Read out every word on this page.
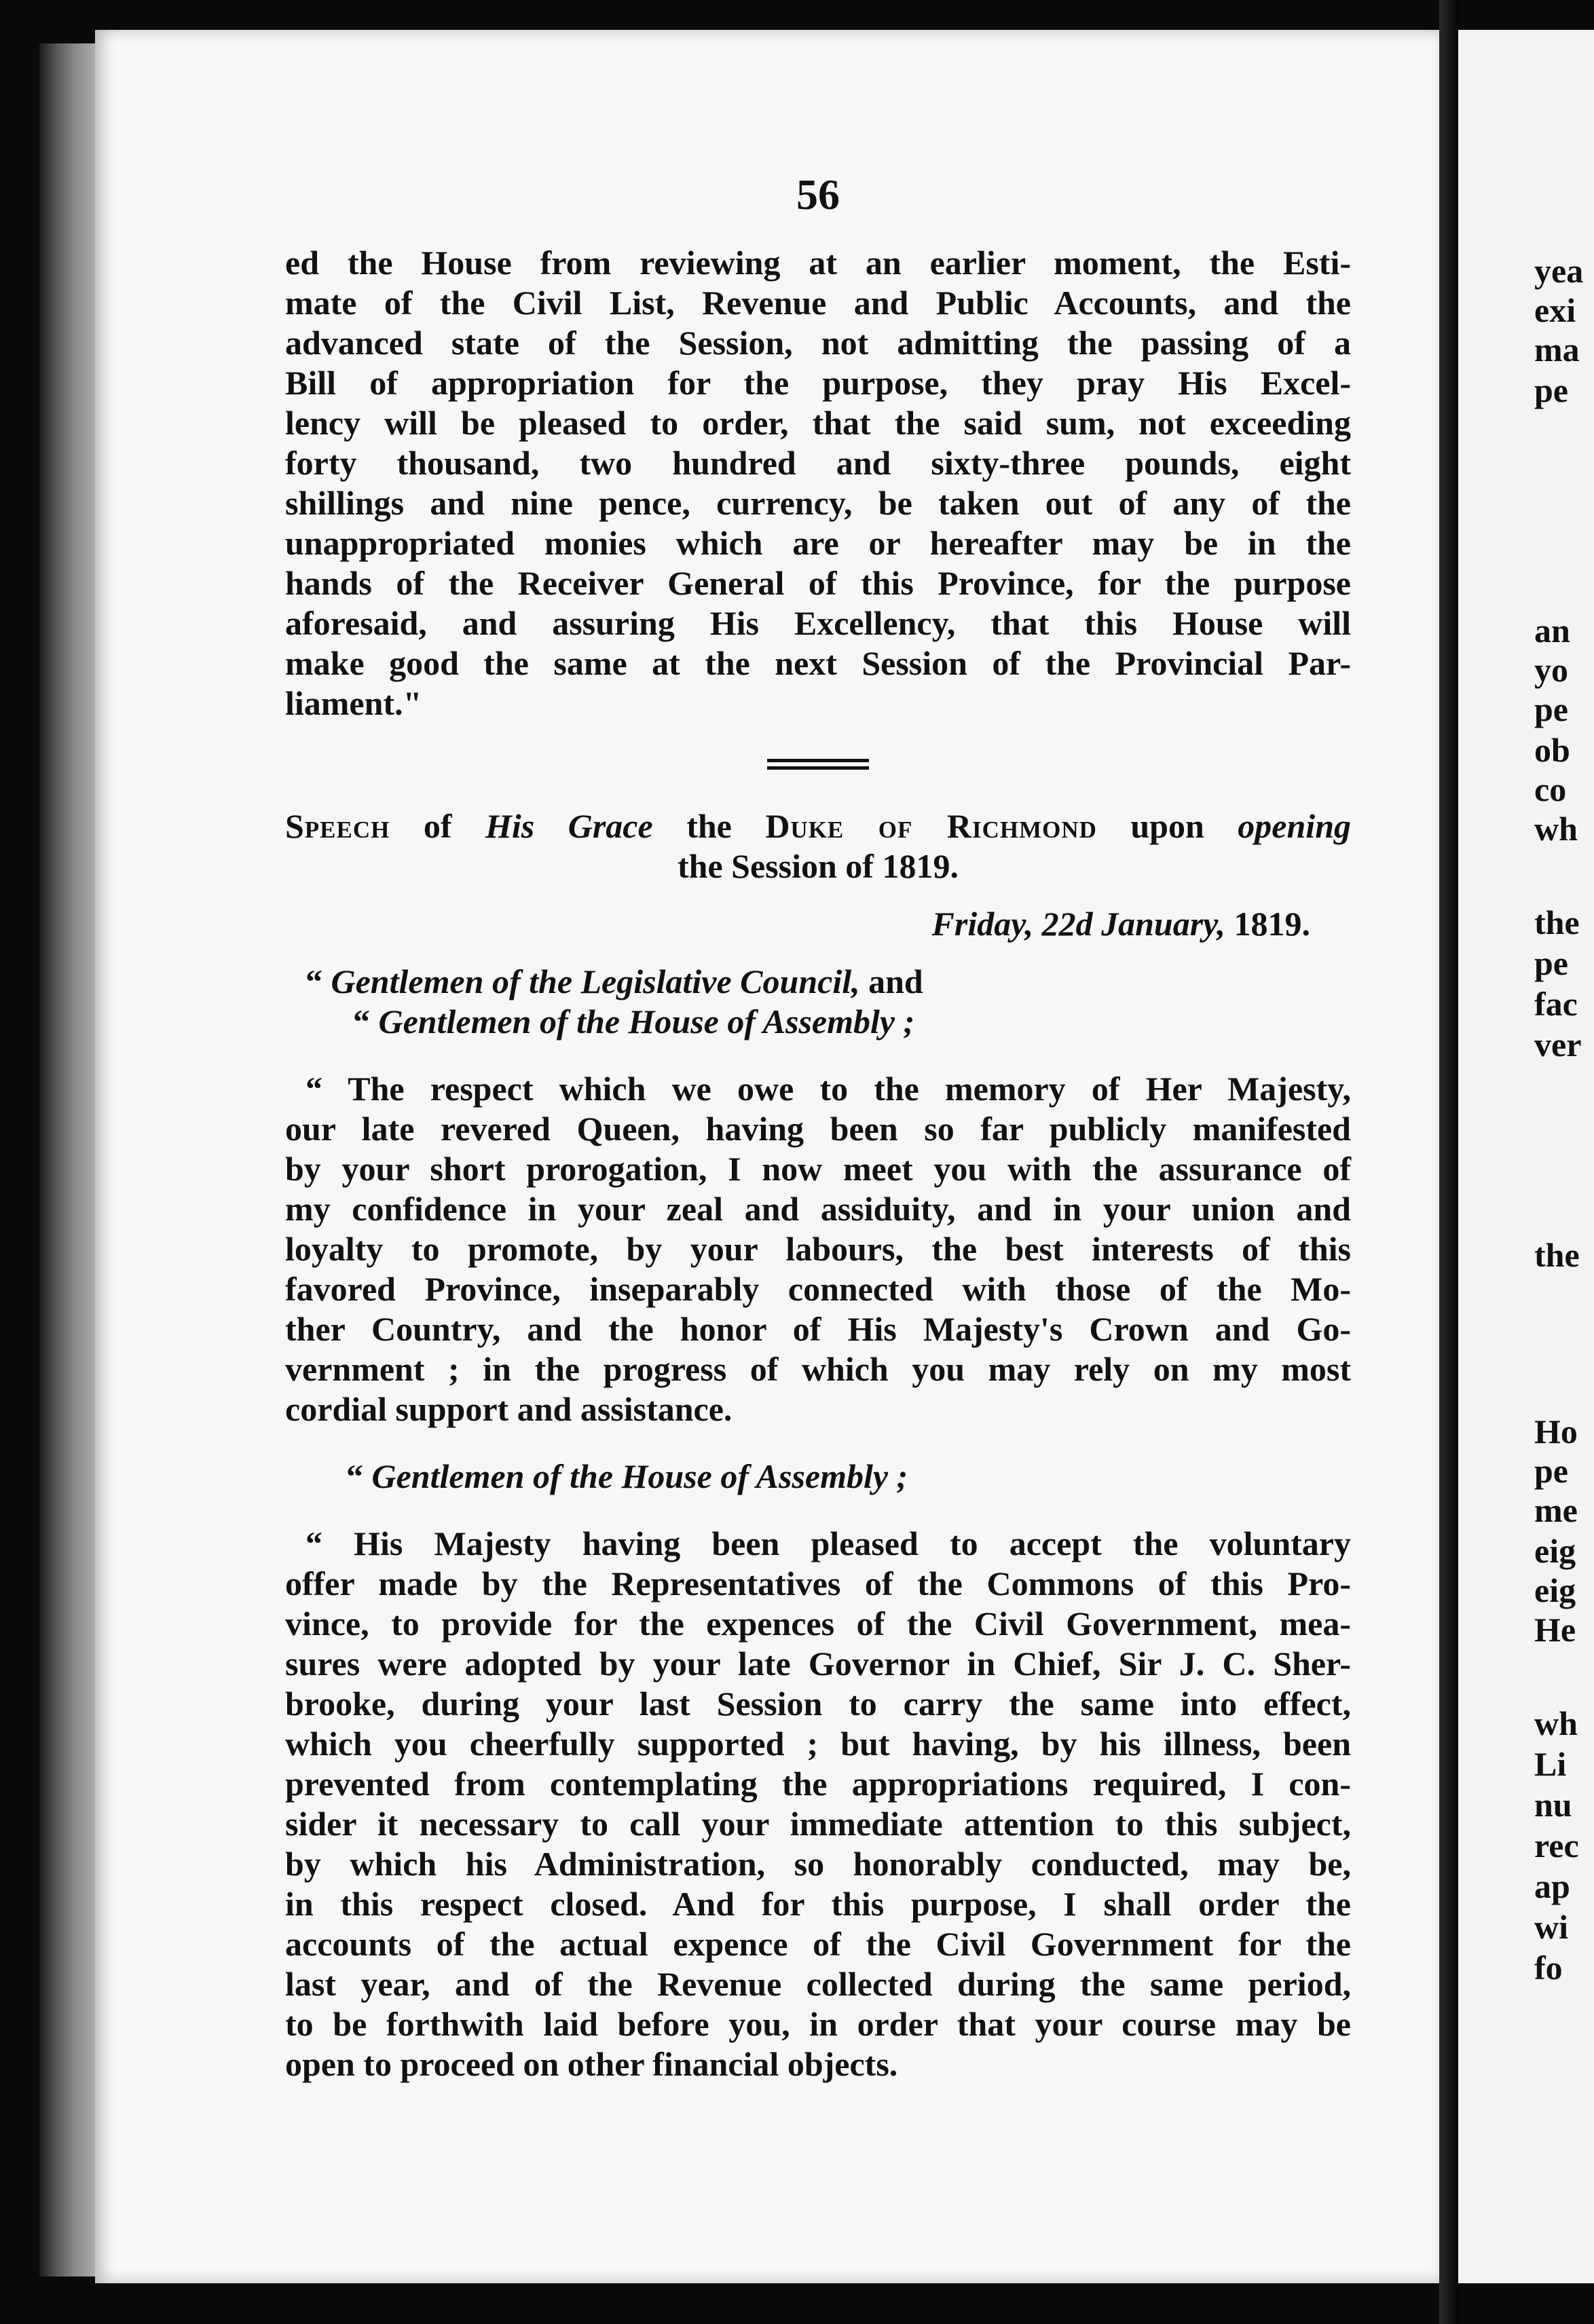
yea
exi
ma
pe
an
yo
pe
ob
co
wh
the
pe
fac
ver
the
Ho
pe
me
eig
eig
He
wh
Li
nu
rec
ap
wi
fo
56
ed the House from reviewing at an earlier moment, the Esti-
mate of the Civil List, Revenue and Public Accounts, and the
advanced state of the Session, not admitting the passing of a
Bill of appropriation for the purpose, they pray His Excel-
lency will be pleased to order, that the said sum, not exceeding
forty thousand, two hundred and sixty-three pounds, eight
shillings and nine pence, currency, be taken out of any of the
unappropriated monies which are or hereafter may be in the
hands of the Receiver General of this Province, for the purpose
aforesaid, and assuring His Excellency, that this House will
make good the same at the next Session of the Provincial Par-
liament."
Speech of His Grace the Duke of Richmond upon opening
the Session of 1819.
Friday, 22d January, 1819.
“ Gentlemen of the Legislative Council, and
“ Gentlemen of the House of Assembly ;
“ The respect which we owe to the memory of Her Majesty,
our late revered Queen, having been so far publicly manifested
by your short prorogation, I now meet you with the assurance of
my confidence in your zeal and assiduity, and in your union and
loyalty to promote, by your labours, the best interests of this
favored Province, inseparably connected with those of the Mo-
ther Country, and the honor of His Majesty's Crown and Go-
vernment ; in the progress of which you may rely on my most
cordial support and assistance.
“ Gentlemen of the House of Assembly ;
“ His Majesty having been pleased to accept the voluntary
offer made by the Representatives of the Commons of this Pro-
vince, to provide for the expences of the Civil Government, mea-
sures were adopted by your late Governor in Chief, Sir J. C. Sher-
brooke, during your last Session to carry the same into effect,
which you cheerfully supported ; but having, by his illness, been
prevented from contemplating the appropriations required, I con-
sider it necessary to call your immediate attention to this subject,
by which his Administration, so honorably conducted, may be,
in this respect closed. And for this purpose, I shall order the
accounts of the actual expence of the Civil Government for the
last year, and of the Revenue collected during the same period,
to be forthwith laid before you, in order that your course may be
open to proceed on other financial objects.
